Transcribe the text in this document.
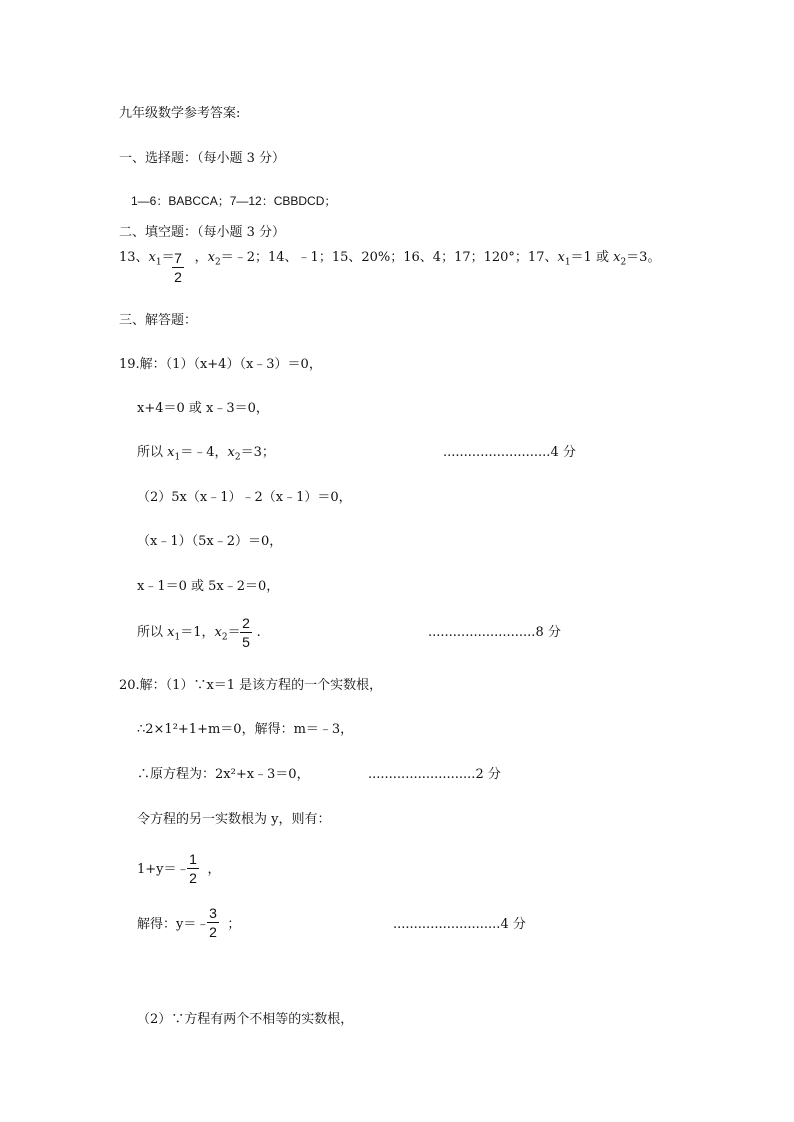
九年级数学参考答案:
一、选择题：（每小题 3 分）
1—6：BABCCA；7—12：CBBDCD；
二、填空题：（每小题 3 分）
13、$x_1=$ ，$x_2=﹣2$；14、﹣1；15、20%；16、4；17；120°；17、$x_1=1$ 或 $x_2=3$。
7
2
三、解答题：
19.解：（1）（x+4）（x﹣3）＝0，
x+4＝0 或 x﹣3＝0，
所以 $x_1=﹣4$，$x_2=3$；	..........................4 分
（2）5x（x﹣1）﹣2（x﹣1）＝0，
（x﹣1）（5x﹣2）＝0，
x﹣1＝0 或 5x﹣2＝0，
所以 $x_1=1$，$x_2=$ .
2
5
..........................8 分
20.解：（1）∵x＝1 是该方程的一个实数根，
∴2×1²+1+m＝0，解得：m＝﹣3，
∴原方程为：2x²+x﹣3＝0，	..........................2 分
令方程的另一实数根为 y，则有：
1+y＝﹣ ，
1
2
解得：y＝﹣ ；
3
2	..........................4 分
（2）∵方程有两个不相等的实数根，
